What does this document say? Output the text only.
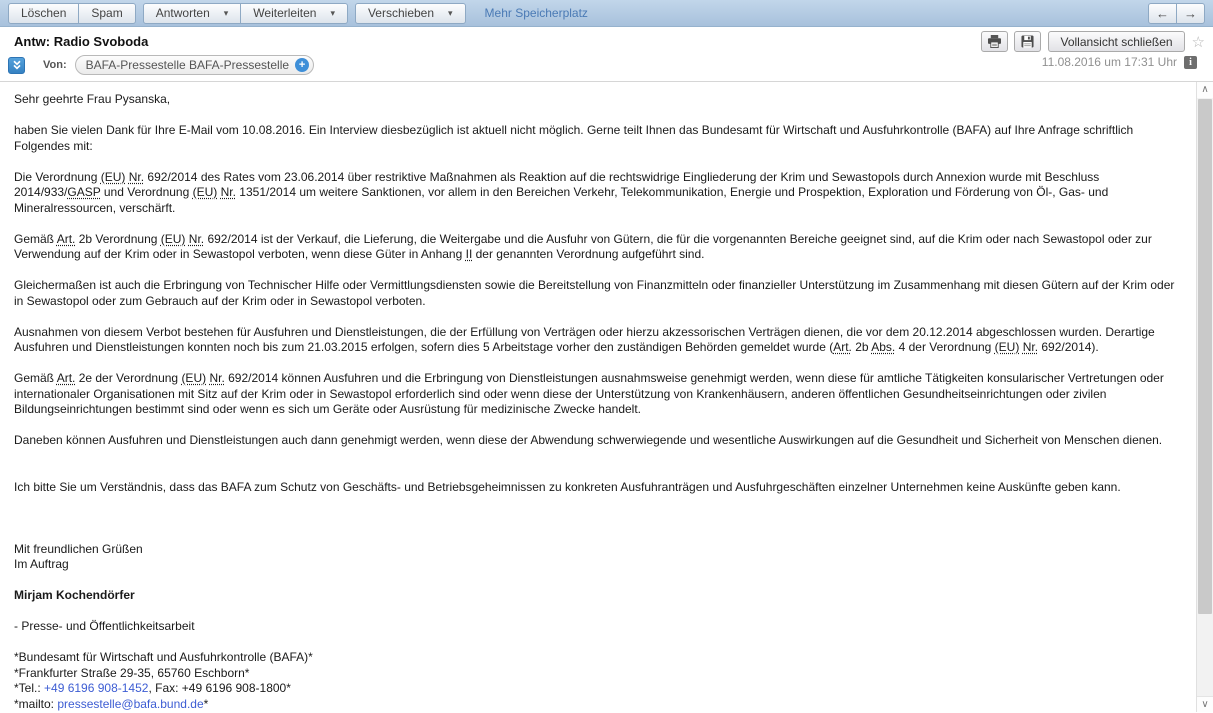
Löschen	Spam	Antworten ▾ Weiterleiten ▾	Verschieben ▾	Mehr Speicherplatz	← →
Antw: Radio Svoboda
Von: BAFA-Pressestelle BAFA-Pressestelle +
Vollansicht schließen	☆
11.08.2016 um 17:31 Uhr	i
Sehr geehrte Frau Pysanska,
haben Sie vielen Dank für Ihre E-Mail vom 10.08.2016. Ein Interview diesbezüglich ist aktuell nicht möglich. Gerne teilt Ihnen das Bundesamt für Wirtschaft und Ausfuhrkontrolle (BAFA) auf Ihre Anfrage schriftlich Folgendes mit:
Die Verordnung (EU) Nr. 692/2014 des Rates vom 23.06.2014 über restriktive Maßnahmen als Reaktion auf die rechtswidrige Eingliederung der Krim und Sewastopols durch Annexion wurde mit Beschluss 2014/933/GASP und Verordnung (EU) Nr. 1351/2014 um weitere Sanktionen, vor allem in den Bereichen Verkehr, Telekommunikation, Energie und Prospektion, Exploration und Förderung von Öl-, Gas- und Mineralressourcen, verschärft.
Gemäß Art. 2b Verordnung (EU) Nr. 692/2014 ist der Verkauf, die Lieferung, die Weitergabe und die Ausfuhr von Gütern, die für die vorgenannten Bereiche geeignet sind, auf die Krim oder nach Sewastopol oder zur Verwendung auf der Krim oder in Sewastopol verboten, wenn diese Güter in Anhang II der genannten Verordnung aufgeführt sind.
Gleichermaßen ist auch die Erbringung von Technischer Hilfe oder Vermittlungsdiensten sowie die Bereitstellung von Finanzmitteln oder finanzieller Unterstützung im Zusammenhang mit diesen Gütern auf der Krim oder in Sewastopol oder zum Gebrauch auf der Krim oder in Sewastopol verboten.
Ausnahmen von diesem Verbot bestehen für Ausfuhren und Dienstleistungen, die der Erfüllung von Verträgen oder hierzu akzessorischen Verträgen dienen, die vor dem 20.12.2014 abgeschlossen wurden. Derartige Ausfuhren und Dienstleistungen konnten noch bis zum 21.03.2015 erfolgen, sofern dies 5 Arbeitstage vorher den zuständigen Behörden gemeldet wurde (Art. 2b Abs. 4 der Verordnung (EU) Nr. 692/2014).
Gemäß Art. 2e der Verordnung (EU) Nr. 692/2014 können Ausfuhren und die Erbringung von Dienstleistungen ausnahmsweise genehmigt werden, wenn diese für amtliche Tätigkeiten konsularischer Vertretungen oder internationaler Organisationen mit Sitz auf der Krim oder in Sewastopol erforderlich sind oder wenn diese der Unterstützung von Krankenhäusern, anderen öffentlichen Gesundheitseinrichtungen oder zivilen Bildungseinrichtungen bestimmt sind oder wenn es sich um Geräte oder Ausrüstung für medizinische Zwecke handelt.
Daneben können Ausfuhren und Dienstleistungen auch dann genehmigt werden, wenn diese der Abwendung schwerwiegende und wesentliche Auswirkungen auf die Gesundheit und Sicherheit von Menschen dienen.
Ich bitte Sie um Verständnis, dass das BAFA zum Schutz von Geschäfts- und Betriebsgeheimnissen zu konkreten Ausfuhranträgen und Ausfuhrgeschäften einzelner Unternehmen keine Auskünfte geben kann.
Mit freundlichen Grüßen
Im Auftrag
Mirjam Kochendörfer
- Presse- und Öffentlichkeitsarbeit
*Bundesamt für Wirtschaft und Ausfuhrkontrolle (BAFA)*
*Frankfurter Straße 29-35, 65760 Eschborn*
*Tel.: +49 6196 908-1452, Fax: +49 6196 908-1800*
*mailto: pressestelle@bafa.bund.de*
∧
∨
